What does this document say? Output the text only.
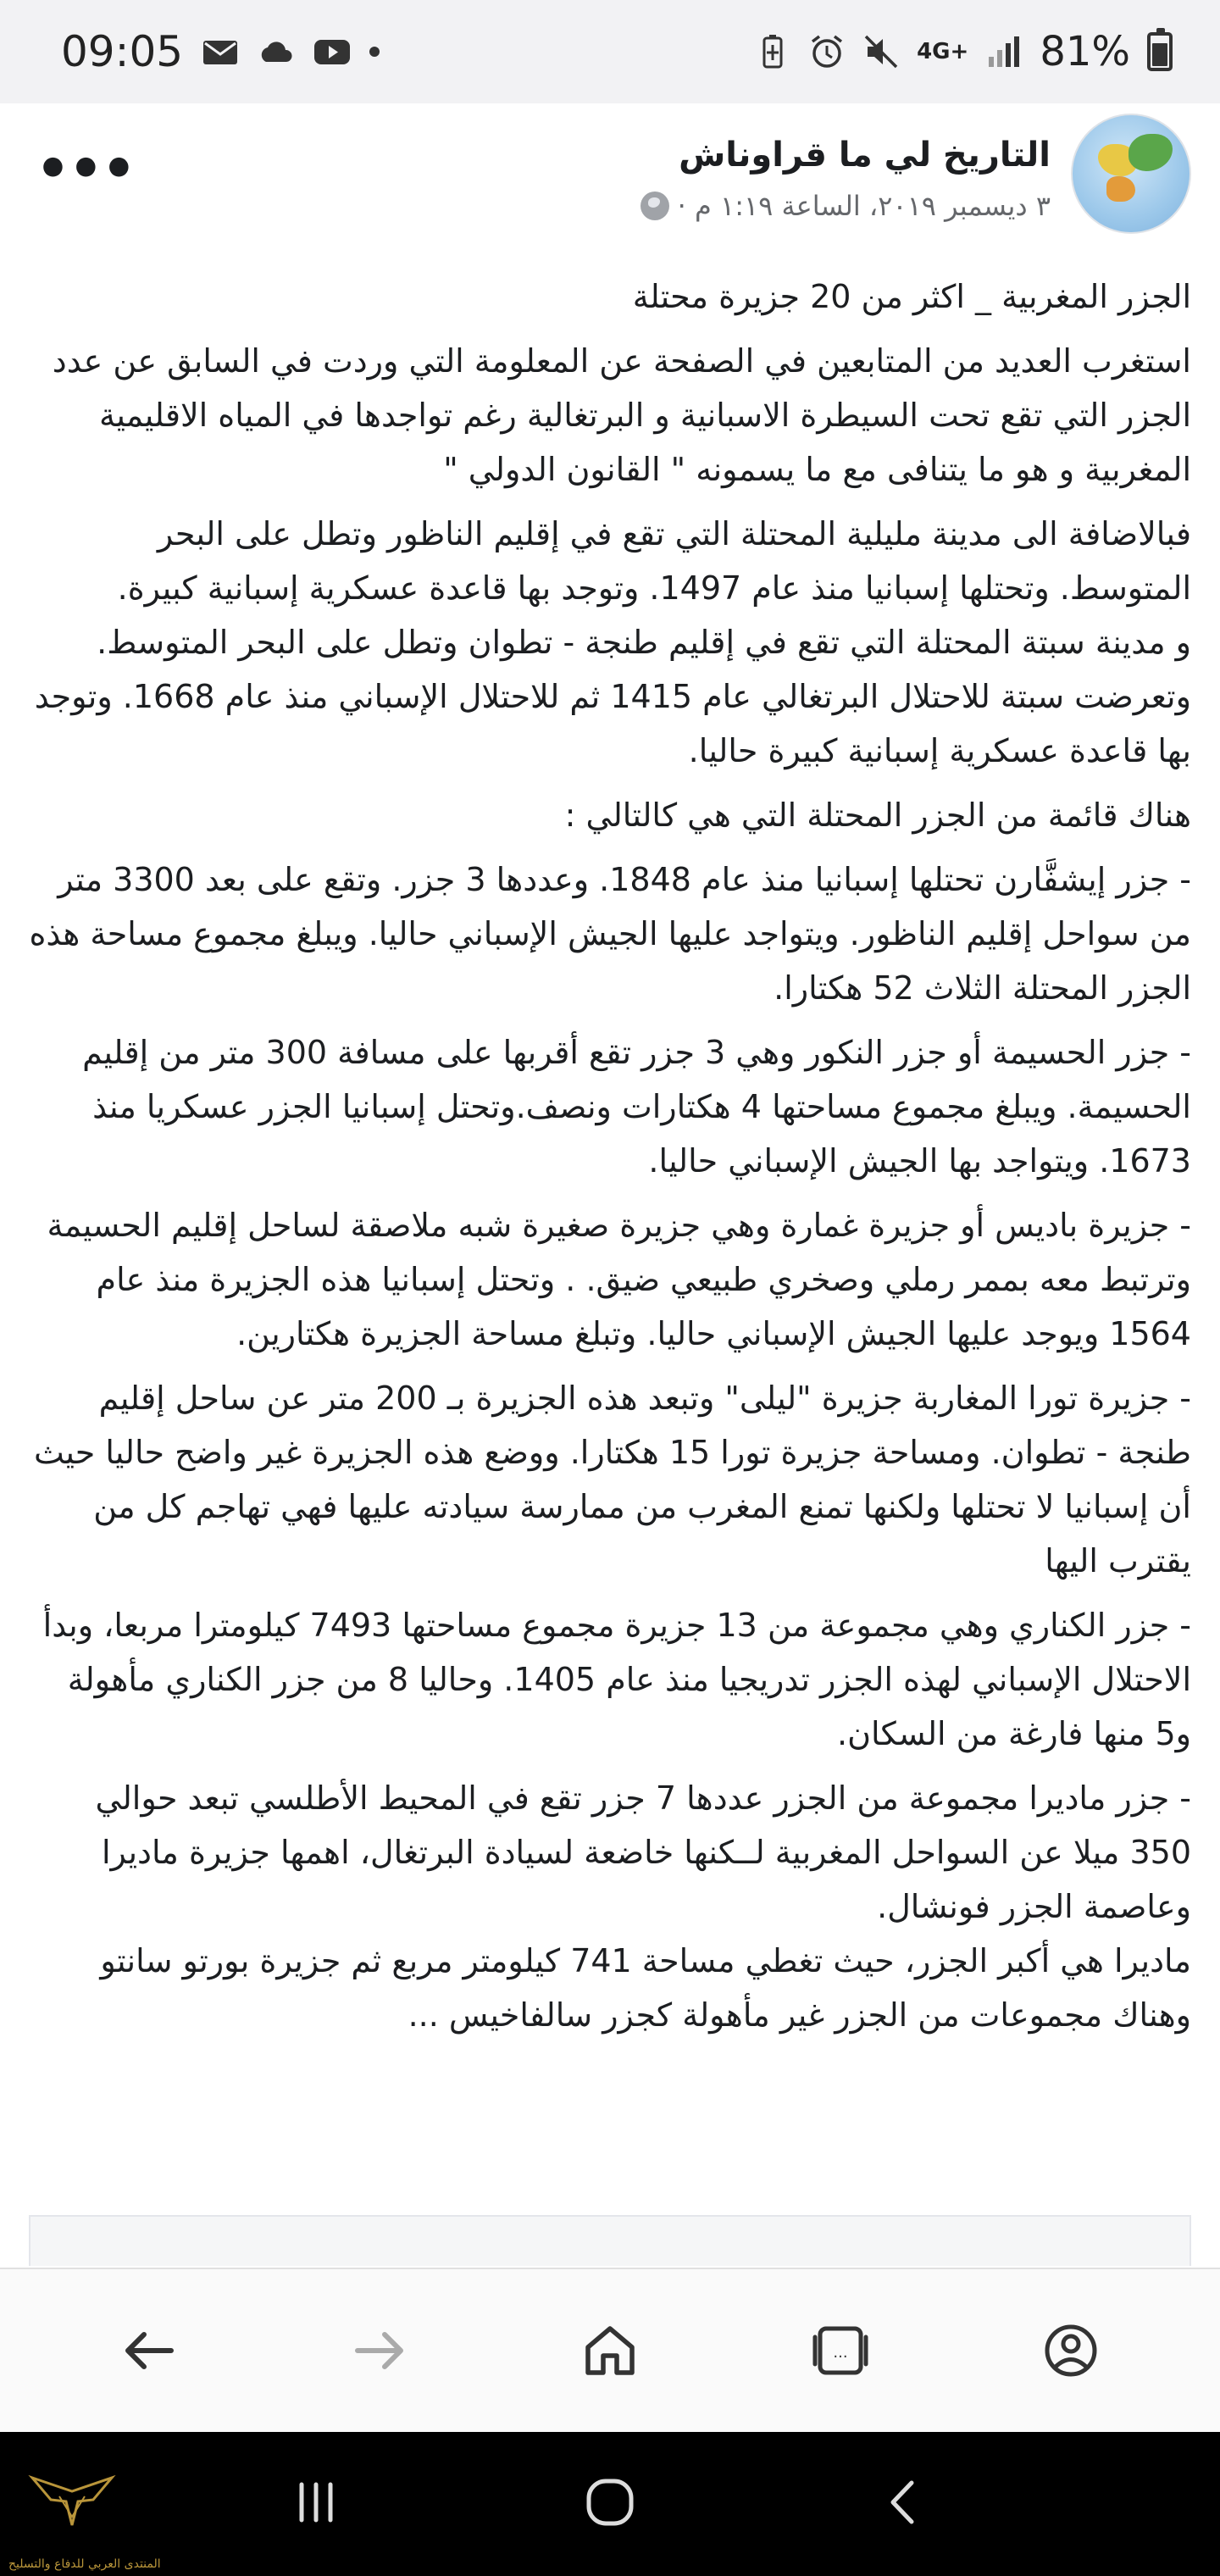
09:05	4G+ 81%
التاريخ لي ما قراوناش
٣ ديسمبر ٢٠١٩، الساعة ١:١٩ م ·
•••

الجزر المغربية _ اكثر من 20 جزيرة محتلة

استغرب العديد من المتابعين في الصفحة عن المعلومة التي وردت في السابق عن عدد الجزر التي تقع تحت السيطرة الاسبانية و البرتغالية رغم تواجدها في المياه الاقليمية المغربية و هو ما يتنافى مع ما يسمونه " القانون الدولي "

فبالاضافة الى مدينة مليلية المحتلة التي تقع في إقليم الناظور وتطل على البحر المتوسط. وتحتلها إسبانيا منذ عام 1497. وتوجد بها قاعدة عسكرية إسبانية كبيرة.
و مدينة سبتة المحتلة التي تقع في إقليم طنجة - تطوان وتطل على البحر المتوسط. وتعرضت سبتة للاحتلال البرتغالي عام 1415 ثم للاحتلال الإسباني منذ عام 1668. وتوجد بها قاعدة عسكرية إسبانية كبيرة حاليا.

هناك قائمة من الجزر المحتلة التي هي كالتالي :

- جزر إيشفَّارن تحتلها إسبانيا منذ عام 1848. وعددها 3 جزر. وتقع على بعد 3300 متر من سواحل إقليم الناظور. ويتواجد عليها الجيش الإسباني حاليا. ويبلغ مجموع مساحة هذه الجزر المحتلة الثلاث 52 هكتارا.

- جزر الحسيمة أو جزر النكور وهي 3 جزر تقع أقربها على مسافة 300 متر من إقليم الحسيمة. ويبلغ مجموع مساحتها 4 هكتارات ونصف.وتحتل إسبانيا الجزر عسكريا منذ 1673. ويتواجد بها الجيش الإسباني حاليا.

- جزيرة باديس أو جزيرة غمارة وهي جزيرة صغيرة شبه ملاصقة لساحل إقليم الحسيمة وترتبط معه بممر رملي وصخري طبيعي ضيق. . وتحتل إسبانيا هذه الجزيرة منذ عام 1564 ويوجد عليها الجيش الإسباني حاليا. وتبلغ مساحة الجزيرة هكتارين.

- جزيرة تورا المغاربة جزيرة "ليلى" وتبعد هذه الجزيرة بـ 200 متر عن ساحل إقليم طنجة - تطوان. ومساحة جزيرة تورا 15 هكتارا. ووضع هذه الجزيرة غير واضح حاليا حيث أن إسبانيا لا تحتلها ولكنها تمنع المغرب من ممارسة سيادته عليها فهي تهاجم كل من يقترب اليها

- جزر الكناري وهي مجموعة من 13 جزيرة مجموع مساحتها 7493 كيلومترا مربعا، وبدأ الاحتلال الإسباني لهذه الجزر تدريجيا منذ عام 1405. وحاليا 8 من جزر الكناري مأهولة و5 منها فارغة من السكان.

- جزر ماديرا مجموعة من الجزر عددها 7 جزر تقع في المحيط الأطلسي تبعد حوالي 350 ميلا عن السواحل المغربية لــكنها خاضعة لسيادة البرتغال، اهمها جزيرة ماديرا وعاصمة الجزر فونشال.
ماديرا هي أكبر الجزر، حيث تغطي مساحة 741 كيلومتر مربع ثم جزيرة بورتو سانتو وهناك مجموعات من الجزر غير مأهولة كجزر سالفاخيس ...

...
المنتدى العربي للدفاع والتسليح
